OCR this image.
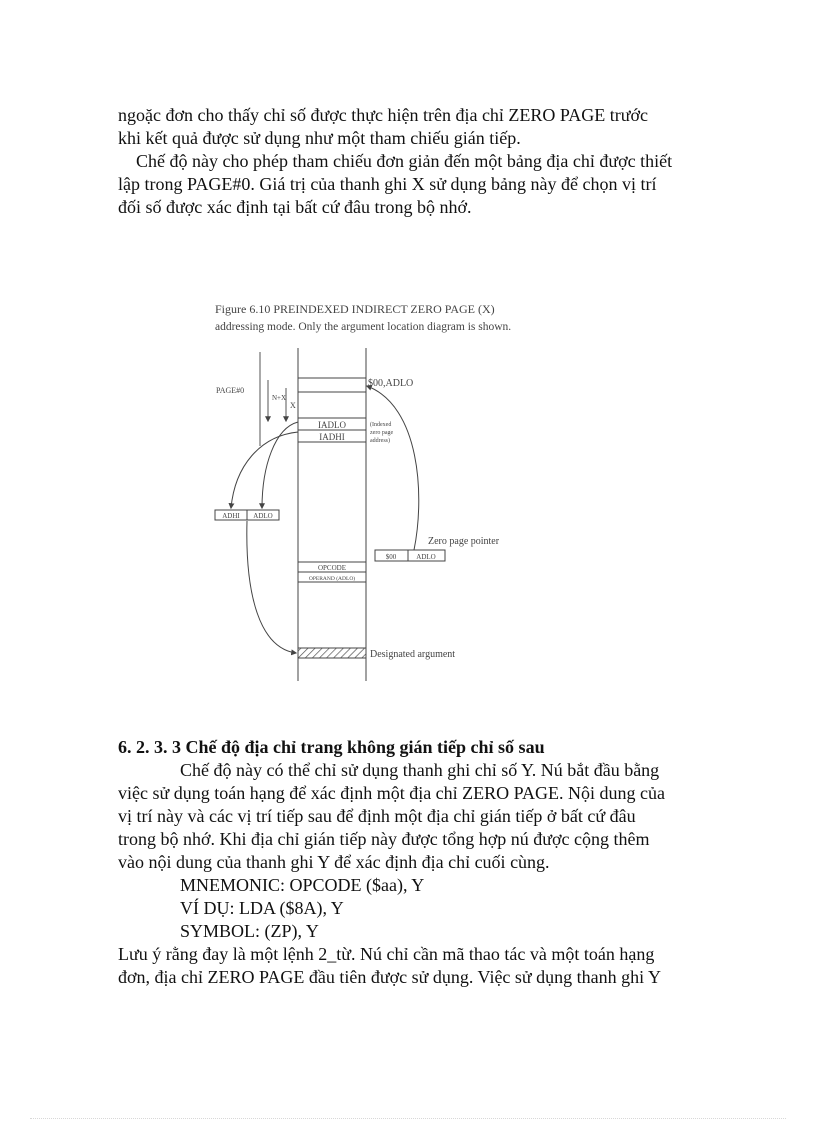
ngoặc đơn cho thấy chỉ số được thực hiện trên địa chỉ ZERO PAGE trước
khi kết quả được sử dụng như một tham chiếu gián tiếp.
Chế độ này cho phép tham chiếu đơn giản đến một bảng địa chỉ được thiết
lập trong PAGE#0. Giá trị của thanh ghi X sử dụng bảng này để chọn vị trí
đối số được xác định tại bất cứ đâu trong bộ nhớ.
Figure 6.10 PREINDEXED INDIRECT ZERO PAGE (X)
addressing mode. Only the argument location diagram is shown.
$00,ADLO
IADLO
IADHI
(Indexed
zero page
address)
PAGE#0
N+X
X
ADHI ADLO
Zero page pointer
$00	ADLO
OPCODE
OPERAND (ADLO)
Designated argument
6. 2. 3. 3 Chế độ địa chỉ trang không gián tiếp chỉ số sau
Chế độ này có thể chỉ sử dụng thanh ghi chỉ số Y. Nú bắt đầu bằng
việc sử dụng toán hạng để xác định một địa chỉ ZERO PAGE. Nội dung của
vị trí này và các vị trí tiếp sau để định một địa chỉ gián tiếp ở bất cứ đâu
trong bộ nhớ. Khi địa chỉ gián tiếp này được tổng hợp nú được cộng thêm
vào nội dung của thanh ghi Y để xác định địa chỉ cuối cùng.
MNEMONIC: OPCODE ($aa), Y
VÍ DỤ: LDA ($8A), Y
SYMBOL: (ZP), Y
Lưu ý rằng đay là một lệnh 2_từ. Nú chỉ cần mã thao tác và một toán hạng
đơn, địa chỉ ZERO PAGE đầu tiên được sử dụng. Việc sử dụng thanh ghi Y
